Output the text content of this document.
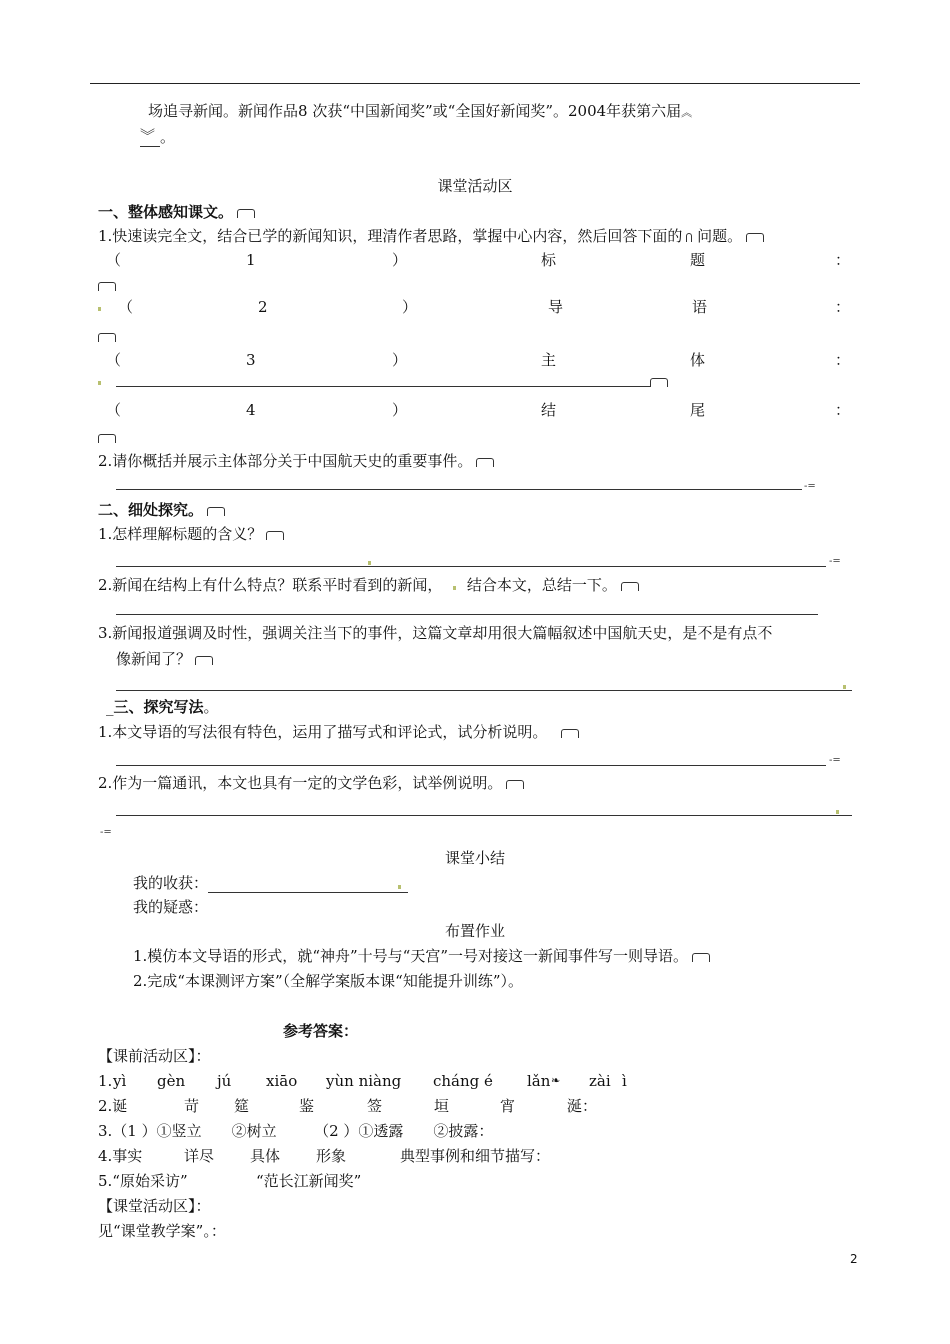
场追寻新闻。新闻作品8 次获“中国新闻奖”或“全国好新闻奖”。2004年获第六届︽
︾ 。
课堂活动区
一、整体感知课文。
1.快速读完全文，结合已学的新闻知识，理清作者思路，掌握中心内容，然后回答下面的 问题。
（	1	）	标	题	：
（	2	）	导	语	：
（	3	）	主	体	：
（	4	）	结	尾	：
2.请你概括并展示主体部分关于中国航天史的重要事件。
-=
二、细处探究。
1.怎样理解标题的含义？
-=
2.新闻在结构上有什么特点？联系平时看到的新闻， 结合本文，总结一下。
3.新闻报道强调及时性，强调关注当下的事件，这篇文章却用很大篇幅叙述中国航天史，是不是有点不
像新闻了？
_三、探究写法。
1.本文导语的写法很有特色，运用了描写式和评论式，试分析说明。
-=
2.作为一篇通讯，本文也具有一定的文学色彩，试举例说明。
-=
课堂小结
我的收获：
我的疑惑：
布置作业
1.模仿本文导语的形式，就“神舟”十号与“天宫”一号对接这一新闻事件写一则导语。
2.完成“本课测评方案”（全解学案版本课“知能提升训练”）。
参考答案：
【课前活动区】：
1. yì gèn jú xiāo yùn niàng cháng é lǎn ❧ zài ì
2.诞	苛 筵	鉴	签	垣	宵	涎：
3.（1 ）①竖立　　②树立　　　（2 ）①透露　　②披露：
4.事实	详尽 具体 形象	典型事例和细节描写：
5.“原始采访”	“范长江新闻奖”
【课堂活动区】：
见“课堂教学案”。：
2
